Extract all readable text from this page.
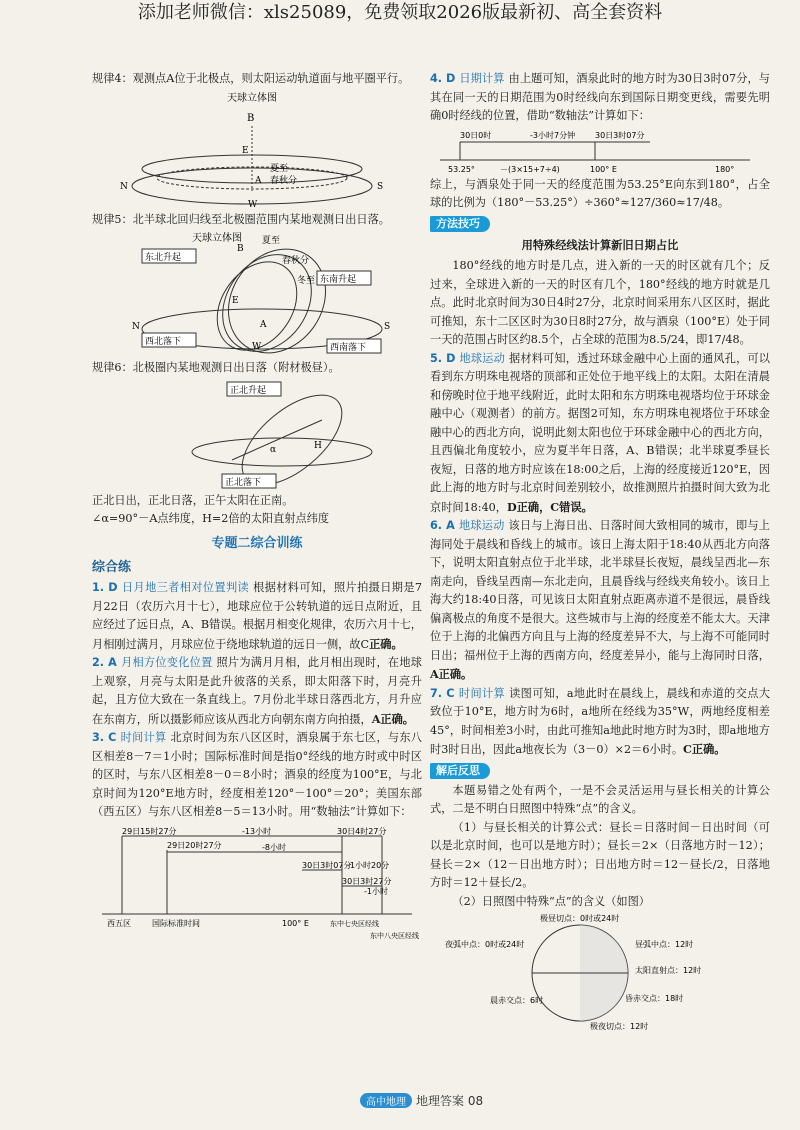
添加老师微信：xls25089，免费领取2026版最新初、高全套资料

规律4：观测点A位于北极点，则太阳运动轨道面与地平圈平行。

天球立体图
B
E
N	S
W
夏至
春秋分
A

规律5：北半球北回归线至北极圈范围内某地观测日出日落。

天球立体图
东北升起
东南升起
西北落下
西南落下
夏至
春秋分
冬至
B
N	S
E
W
A

规律6：北极圈内某地观测日出日落（附材极昼）。

正北升起
α	H
正北落下

正北日出，正北日落，正午太阳在正南。

∠α=90°－A点纬度，H=2倍的太阳直射点纬度

专题二综合训练
综合练

1. D 日月地三者相对位置判读 根据材料可知，照片拍摄日期是7月22日（农历六月十七），地球应位于公转轨道的远日点附近，且应经过了远日点，A、B错误。根据月相变化规律，农历六月十七，月相刚过满月，月球应位于绕地球轨道的远日一侧，故C正确。

2. A 月相方位变化位置 照片为满月月相，此月相出现时，在地球上观察，月亮与太阳是此升彼落的关系，即太阳落下时，月亮升起，且方位大致在一条直线上。7月份北半球日落西北方，月升应在东南方，所以摄影师应该从西北方向朝东南方向拍摄，A正确。

3. C 时间计算 北京时间为东八区区时，酒泉属于东七区，与东八区相差8－7＝1小时；国际标准时间是指0°经线的地方时或中时区的区时，与东八区相差8－0＝8小时；酒泉的经度为100°E，与北京时间为120°E地方时，经度相差120°－100°＝20°；美国东部（西五区）与东八区相差8－5＝13小时。用“数轴法”计算如下：

29日15时27分
29日20时27分
30日3时07分
30日4时27分
30日3时27分
-13小时
-8小时
-1小时20分
-1小时
西五区	国际标准时间	100° E	东中七央区经线
东中八央区经线

4. D 日期计算 由上题可知，酒泉此时的地方时为30日3时07分，与其在同一天的日期范围为0时经线向东到国际日期变更线，需要先明确0时经线的位置，借助“数轴法”计算如下：

30日0时	-3小时7分钟 30日3时07分
53.25°	－(3×15+7÷4)	100° E	180°

综上，与酒泉处于同一天的经度范围为53.25°E向东到180°，占全球的比例为（180°－53.25°）÷360°≈127/360≈17/48。

方法技巧
用特殊经线法计算新旧日期占比

180°经线的地方时是几点，进入新的一天的时区就有几个；反过来，全球进入新的一天的时区有几个，180°经线的地方时就是几点。此时北京时间为30日4时27分，北京时间采用东八区区时，据此可推知，东十二区区时为30日8时27分，故与酒泉（100°E）处于同一天的范围占时区约8.5个，占全球的范围为8.5/24，即17/48。

5. D 地球运动 据材料可知，透过环球金融中心上面的通风孔，可以看到东方明珠电视塔的顶部和正处位于地平线上的太阳。太阳在清晨和傍晚时位于地平线附近，此时太阳和东方明珠电视塔均位于环球金融中心（观测者）的前方。据图2可知，东方明珠电视塔位于环球金融中心的西北方向，说明此刻太阳也位于环球金融中心的西北方向，且西偏北角度较小，应为夏半年日落，A、B错误；北半球夏季昼长夜短，日落的地方时应该在18:00之后，上海的经度接近120°E，因此上海的地方时与北京时间差别较小，故推测照片拍摄时间大致为北京时间18:40，D正确，C错误。

6. A 地球运动 该日与上海日出、日落时间大致相同的城市，即与上海同处于晨线和昏线上的城市。该日上海太阳于18:40从西北方向落下，说明太阳直射点位于北半球，北半球昼长夜短，晨线呈西北—东南走向，昏线呈西南—东北走向，且晨昏线与经线夹角较小。该日上海大约18:40日落，可见该日太阳直射点距离赤道不是很远，晨昏线偏离极点的角度不是很大。这些城市与上海的经度差不能太大。天津位于上海的北偏西方向且与上海的经度差异不大，与上海不可能同时日出；福州位于上海的西南方向，经度差异小，能与上海同时日落，A正确。

7. C 时间计算 读图可知，a地此时在晨线上，晨线和赤道的交点大致位于10°E，地方时为6时，a地所在经线为35°W，两地经度相差45°，时间相差3小时，由此可推知a地此时地方时为3时，即a地地方时3时日出，因此a地夜长为（3－0）×2＝6小时。C正确。

解后反思

本题易错之处有两个，一是不会灵活运用与昼长相关的计算公式，二是不明白日照图中特殊“点”的含义。

（1）与昼长相关的计算公式：昼长＝日落时间－日出时间（可以是北京时间，也可以是地方时）；昼长＝2×（日落地方时－12）；昼长＝2×（12－日出地方时）；日出地方时＝12－昼长/2，日落地方时＝12＋昼长/2。

（2）日照图中特殊“点”的含义（如图）

极昼切点：0时或24时
夜弧中点：0时或24时	昼弧中点：12时
太阳直射点：12时
晨赤交点：6时	昏赤交点：18时
极夜切点：12时
高中地理 地理答案 08
